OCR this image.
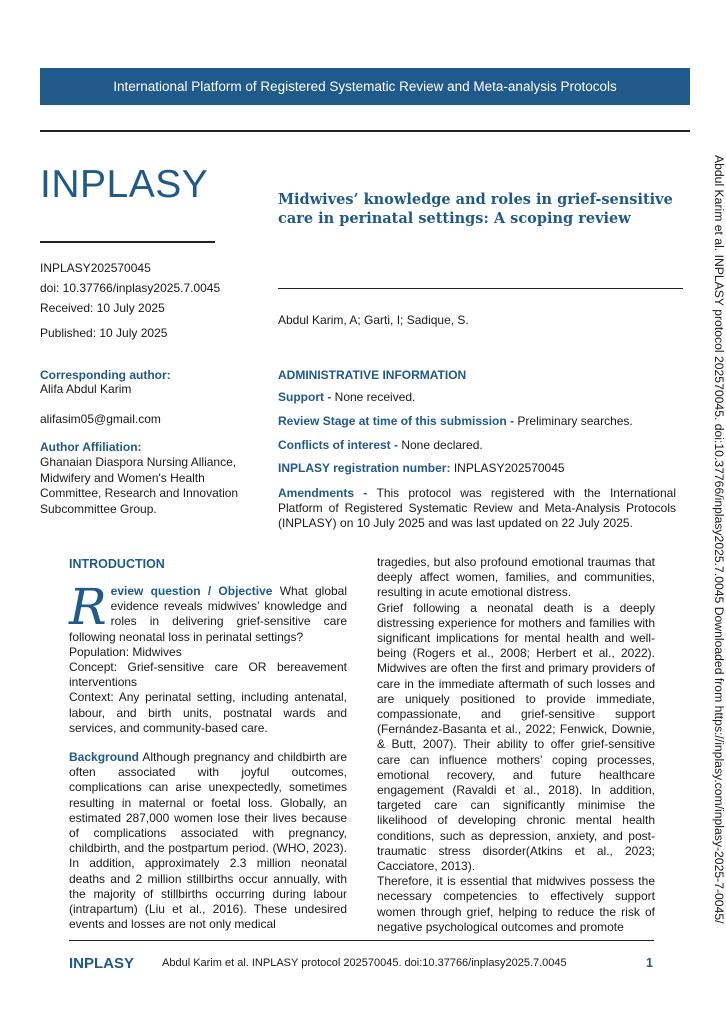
International Platform of Registered Systematic Review and Meta-analysis Protocols
INPLASY	Midwives’ knowledge and roles in grief-sensitive care in perinatal settings: A scoping review
INPLASY202570045
doi: 10.37766/inplasy2025.7.0045
Received: 10 July 2025
Published: 10 July 2025
Abdul Karim, A; Garti, I; Sadique, S.
Corresponding author:
Alifa Abdul Karim
alifasim05@gmail.com
Author Affiliation:
Ghanaian Diaspora Nursing Alliance, Midwifery and Women's Health Committee, Research and Innovation Subcommittee Group.
ADMINISTRATIVE INFORMATION
Support - None received.
Review Stage at time of this submission - Preliminary searches.
Conflicts of interest - None declared.
INPLASY registration number: INPLASY202570045
Amendments - This protocol was registered with the International Platform of Registered Systematic Review and Meta-Analysis Protocols (INPLASY) on 10 July 2025 and was last updated on 22 July 2025.
INTRODUCTION
Review question / Objective What global evidence reveals midwives’ knowledge and roles in delivering grief-sensitive care following neonatal loss in perinatal settings?
Population: Midwives
Concept: Grief-sensitive care OR bereavement interventions
Context: Any perinatal setting, including antenatal, labour, and birth units, postnatal wards and services, and community-based care.
Background Although pregnancy and childbirth are often associated with joyful outcomes, complications can arise unexpectedly, sometimes resulting in maternal or foetal loss. Globally, an estimated 287,000 women lose their lives because of complications associated with pregnancy, childbirth, and the postpartum period. (WHO, 2023). In addition, approximately 2.3 million neonatal deaths and 2 million stillbirths occur annually, with the majority of stillbirths occurring during labour (intrapartum) (Liu et al., 2016). These undesired events and losses are not only medical
tragedies, but also profound emotional traumas that deeply affect women, families, and communities, resulting in acute emotional distress.
Grief following a neonatal death is a deeply distressing experience for mothers and families with significant implications for mental health and well-being (Rogers et al., 2008; Herbert et al., 2022). Midwives are often the first and primary providers of care in the immediate aftermath of such losses and are uniquely positioned to provide immediate, compassionate, and grief-sensitive support (Fernández-Basanta et al., 2022; Fenwick, Downie, & Butt, 2007). Their ability to offer grief-sensitive care can influence mothers’ coping processes, emotional recovery, and future healthcare engagement (Ravaldi et al., 2018). In addition, targeted care can significantly minimise the likelihood of developing chronic mental health conditions, such as depression, anxiety, and post-traumatic stress disorder(Atkins et al., 2023; Cacciatore, 2013).
Therefore, it is essential that midwives possess the necessary competencies to effectively support women through grief, helping to reduce the risk of negative psychological outcomes and promote
INPLASY	Abdul Karim et al. INPLASY protocol 202570045. doi:10.37766/inplasy2025.7.0045	1
Abdul Karim et al. INPLASY protocol 202570045. doi:10.37766/inplasy2025.7.0045 Downloaded from https://inplasy.com/inplasy-2025-7-0045/
